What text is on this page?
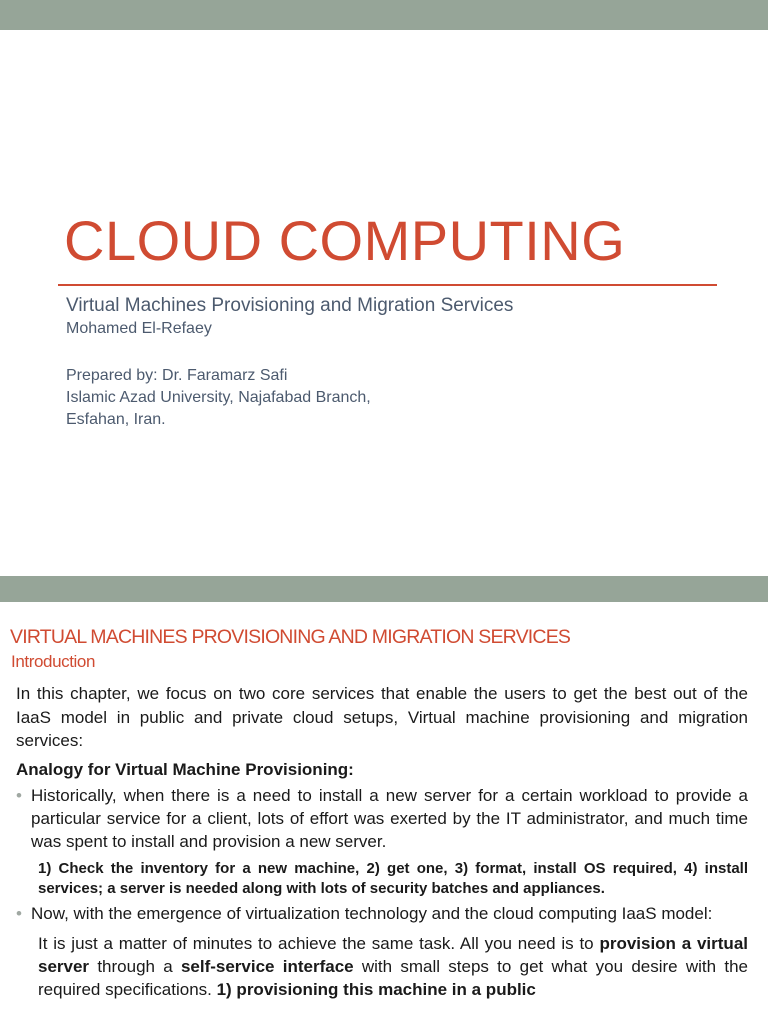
CLOUD COMPUTING
Virtual Machines Provisioning and Migration Services
Mohamed El-Refaey
Prepared by: Dr. Faramarz Safi
Islamic Azad University, Najafabad Branch,
Esfahan, Iran.
VIRTUAL MACHINES PROVISIONING AND MIGRATION SERVICES
Introduction

In this chapter, we focus on two core services that enable the users to get the best out of the IaaS model in public and private cloud setups, Virtual machine provisioning and migration services:

Analogy for Virtual Machine Provisioning:

• Historically, when there is a need to install a new server for a certain workload to provide a particular service for a client, lots of effort was exerted by the IT administrator, and much time was spent to install and provision a new server.

1) Check the inventory for a new machine, 2) get one, 3) format, install OS required, 4) install services; a server is needed along with lots of security batches and appliances.

• Now, with the emergence of virtualization technology and the cloud computing IaaS model:

It is just a matter of minutes to achieve the same task. All you need is to provision a virtual server through a self-service interface with small steps to get what you desire with the required specifications. 1) provisioning this machine in a public
